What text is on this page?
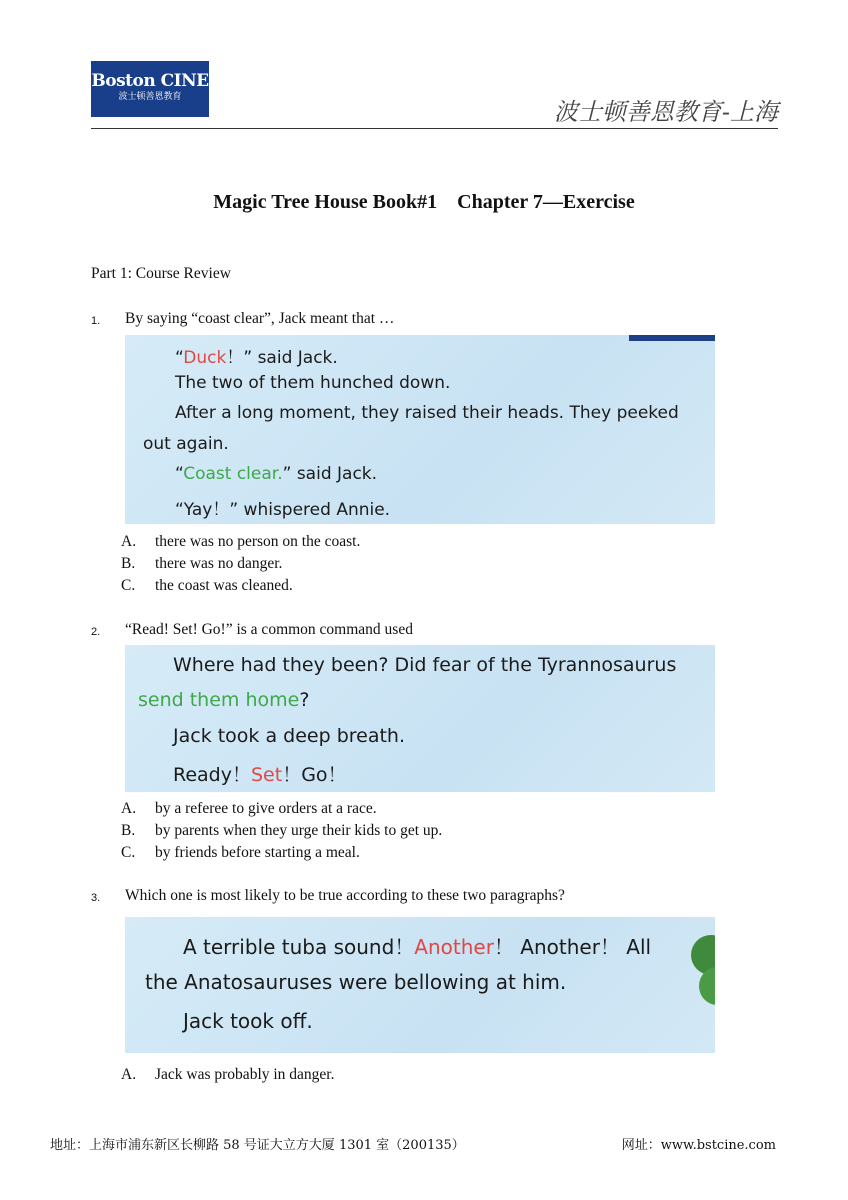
Boston CINE
波士顿善恩教育
波士顿善恩教育-上海
Magic Tree House Book#1　Chapter 7—Exercise
Part 1: Course Review
1. By saying “coast clear”, Jack meant that …
“Duck！” said Jack.
The two of them hunched down.
After a long moment, they raised their heads. They peeked
out again.
“Coast clear.” said Jack.
“Yay！” whispered Annie.
A. there was no person on the coast.
B. there was no danger.
C. the coast was cleaned.
2. “Read! Set! Go!” is a common command used
Where had they been? Did fear of the Tyrannosaurus
send them home?
Jack took a deep breath.
Ready！Set！Go！
A. by a referee to give orders at a race.
B. by parents when they urge their kids to get up.
C. by friends before starting a meal.
3. Which one is most likely to be true according to these two paragraphs?
A terrible tuba sound！Another！ Another！ All
the Anatosauruses were bellowing at him.
Jack took off.
A. Jack was probably in danger.
地址：上海市浦东新区长柳路 58 号证大立方大厦 1301 室（200135）	网址：www.bstcine.com
